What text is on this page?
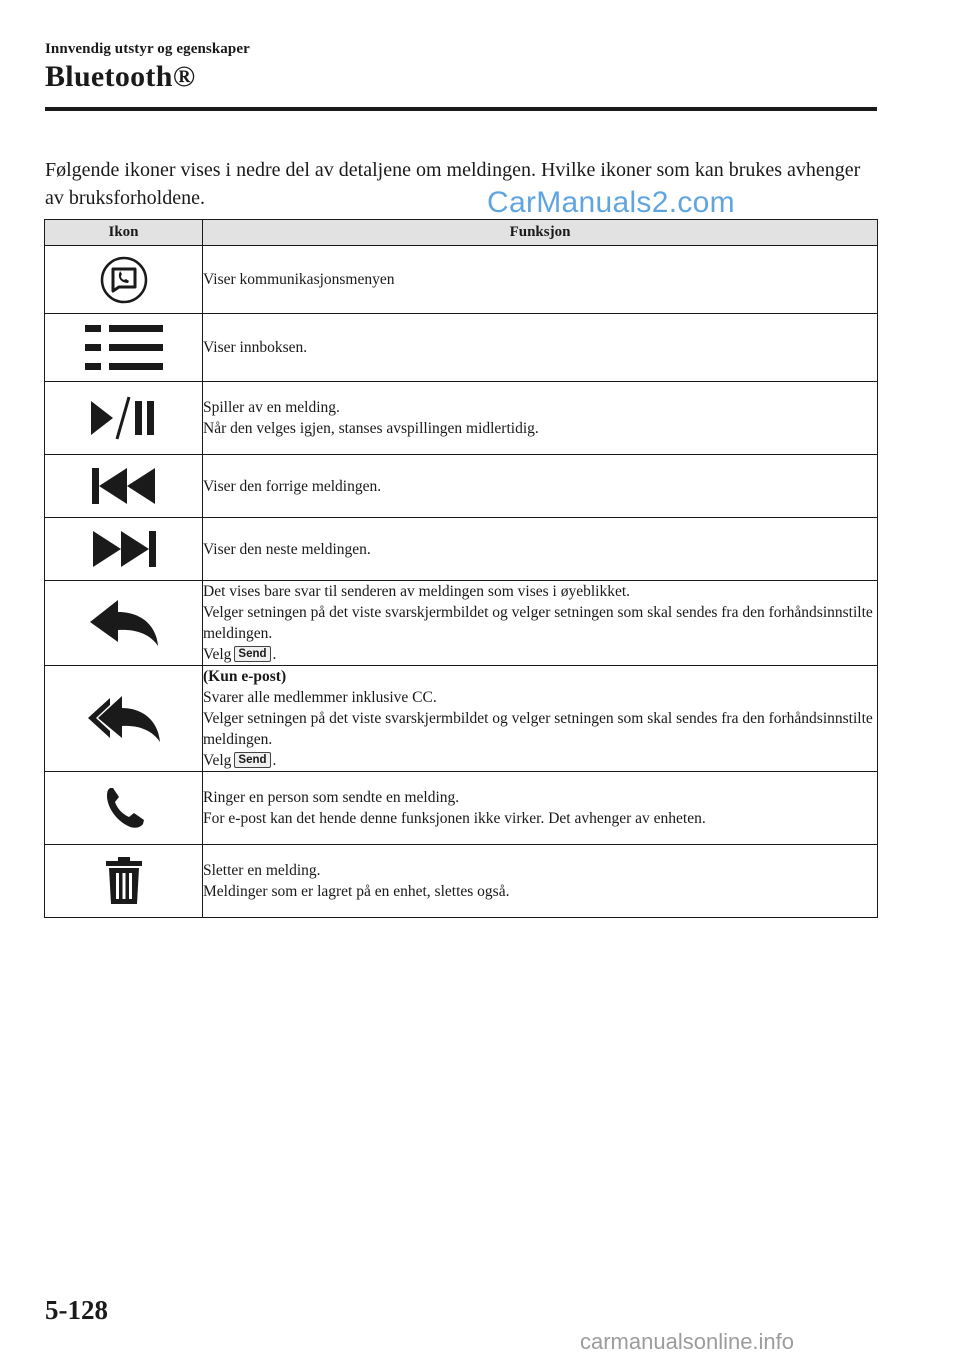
Innvendig utstyr og egenskaper
Bluetooth®
Følgende ikoner vises i nedre del av detaljene om meldingen. Hvilke ikoner som kan brukes avhenger av bruksforholdene.	CarManuals2.com
Ikon	Funksjon

Viser kommunikasjonsmenyen

Viser innboksen.

Spiller av en melding.
Når den velges igjen, stanses avspillingen midlertidig.

Viser den forrige meldingen.

Viser den neste meldingen.

Det vises bare svar til senderen av meldingen som vises i øyeblikket.
Velger setningen på det viste svarskjermbildet og velger setningen som skal sendes fra den forhåndsinnstilte meldingen.
Velg Send .

(Kun e-post)
Svarer alle medlemmer inklusive CC.
Velger setningen på det viste svarskjermbildet og velger setningen som skal sendes fra den forhåndsinnstilte meldingen.
Velg Send .

Ringer en person som sendte en melding.
For e-post kan det hende denne funksjonen ikke virker. Det avhenger av enheten.

Sletter en melding.
Meldinger som er lagret på en enhet, slettes også.
5-128
carmanualsonline.info
